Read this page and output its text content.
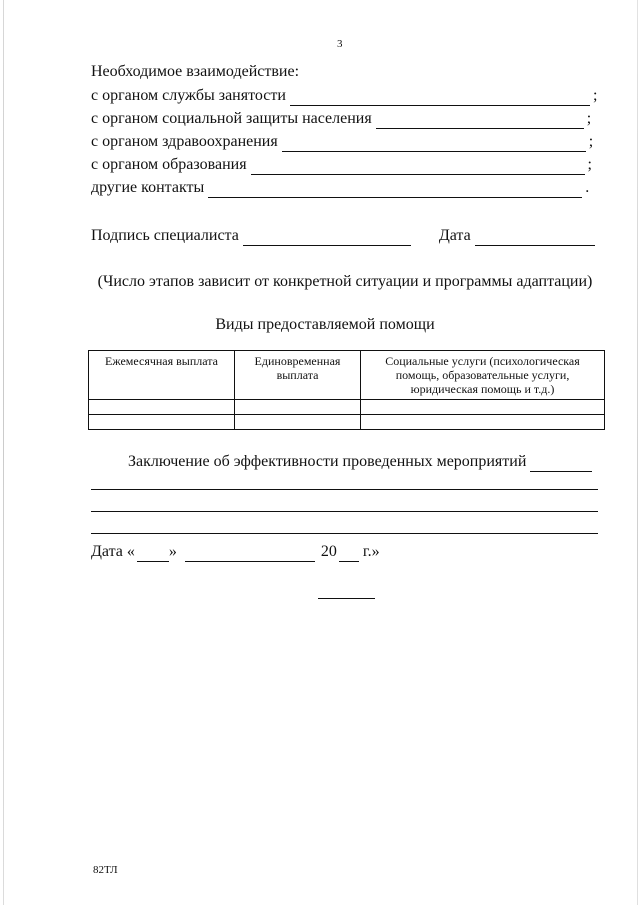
3
Необходимое взаимодействие:
с органом службы занятости	;
с органом социальной защиты населения	;
с органом здравоохранения	;
с органом образования	;
другие контакты	.
Подпись специалиста	Дата
(Число этапов зависит от конкретной ситуации и программы адаптации)
Виды предоставляемой помощи
Ежемесячная выплата	Единовременная выплата	Социальные услуги (психологическая помощь, образовательные услуги, юридическая помощь и т.д.)

Заключение об эффективности проведенных мероприятий
Дата « »	20 г.»
82ТЛ
